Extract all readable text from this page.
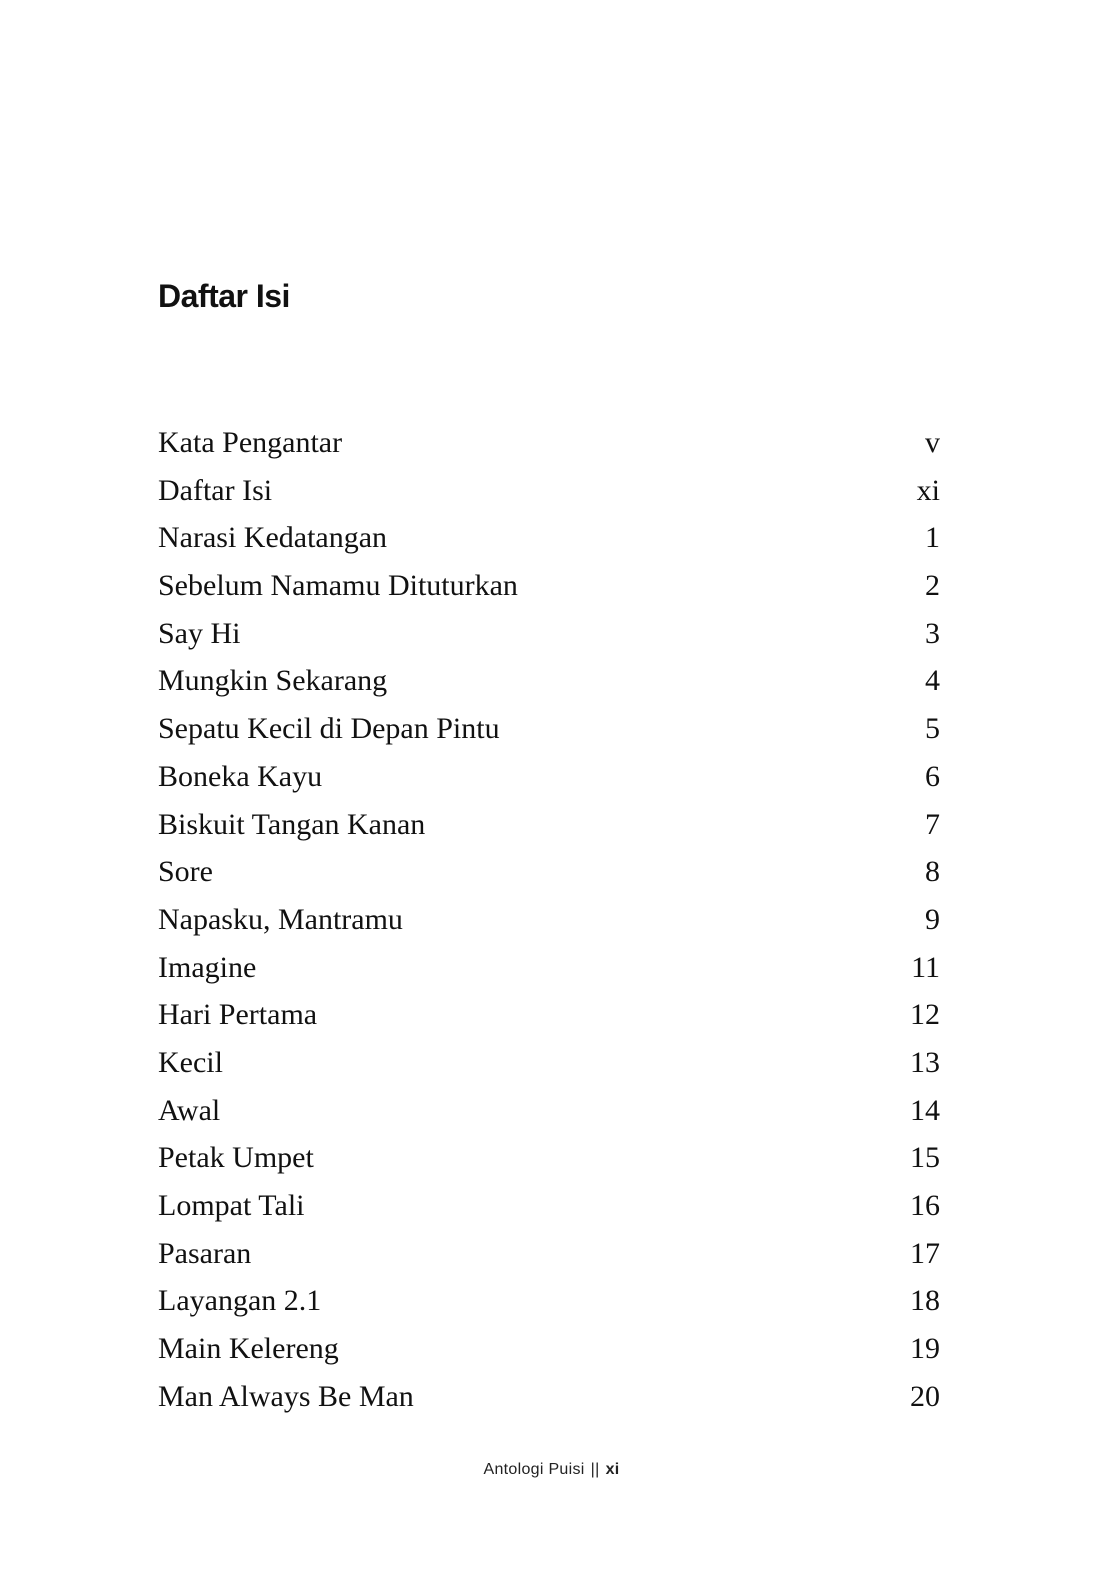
Daftar Isi
Kata Pengantar	v
Daftar Isi	xi
Narasi Kedatangan	1
Sebelum Namamu Dituturkan	2
Say Hi	3
Mungkin Sekarang	4
Sepatu Kecil di Depan Pintu	5
Boneka Kayu	6
Biskuit Tangan Kanan	7
Sore	8
Napasku, Mantramu	9
Imagine	11
Hari Pertama	12
Kecil	13
Awal	14
Petak Umpet	15
Lompat Tali	16
Pasaran	17
Layangan 2.1	18
Main Kelereng	19
Man Always Be Man	20
Antologi Puisi || xi
